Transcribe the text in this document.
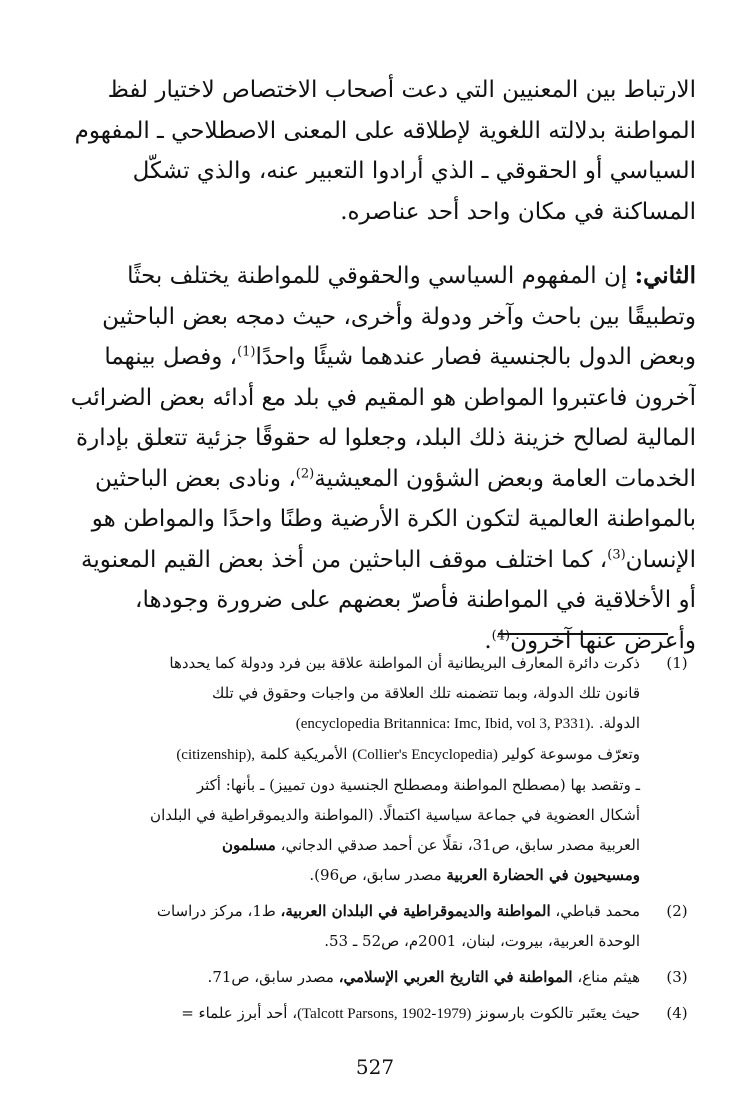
الارتباط بين المعنيين التي دعت أصحاب الاختصاص لاختيار لفظ
المواطنة بدلالته اللغوية لإطلاقه على المعنى الاصطلاحي ـ المفهوم
السياسي أو الحقوقي ـ الذي أرادوا التعبير عنه، والذي تشكّل
المساكنة في مكان واحد أحد عناصره.

الثاني: إن المفهوم السياسي والحقوقي للمواطنة يختلف بحثًا
وتطبيقًا بين باحث وآخر ودولة وأخرى، حيث دمجه بعض الباحثين
وبعض الدول بالجنسية فصار عندهما شيئًا واحدًا$^{(1)}$، وفصل بينهما
آخرون فاعتبروا المواطن هو المقيم في بلد مع أدائه بعض الضرائب
المالية لصالح خزينة ذلك البلد، وجعلوا له حقوقًا جزئية تتعلق بإدارة
الخدمات العامة وبعض الشؤون المعيشية$^{(2)}$، ونادى بعض الباحثين
بالمواطنة العالمية لتكون الكرة الأرضية وطنًا واحدًا والمواطن هو
الإنسان$^{(3)}$، كما اختلف موقف الباحثين من أخذ بعض القيم المعنوية
أو الأخلاقية في المواطنة فأصرّ بعضهم على ضرورة وجودها،
وأعرض عنها آخرون$^{(4)}$.

(1)
ذكرت دائرة المعارف البريطانية أن المواطنة علاقة بين فرد ودولة كما يحددها
قانون تلك الدولة، وبما تتضمنه تلك العلاقة من واجبات وحقوق في تلك
الدولة. (encyclopedia Britannica: Imc, Ibid, vol 3, P331).
وتعرّف موسوعة كولير (Collier's Encyclopedia) الأمريكية كلمة (citizenship),
ـ وتقصد بها (مصطلح المواطنة ومصطلح الجنسية دون تمييز) ـ بأنها: أكثر
أشكال العضوية في جماعة سياسية اكتمالًا. (المواطنة والديموقراطية في البلدان
العربية مصدر سابق، ص31، نقلًا عن أحمد صدقي الدجاني، مسلمون
ومسيحيون في الحضارة العربية مصدر سابق، ص96).
(2)
محمد قباطي، المواطنة والديموقراطية في البلدان العربية، ط1، مركز دراسات
الوحدة العربية، بيروت، لبنان، 2001م، ص52 ـ 53.
(3)
هيثم مناع، المواطنة في التاريخ العربي الإسلامي، مصدر سابق، ص71.
(4)
حيث يعتَبر تالكوت بارسونز (Talcott Parsons, 1902-1979)، أحد أبرز علماء =
527
